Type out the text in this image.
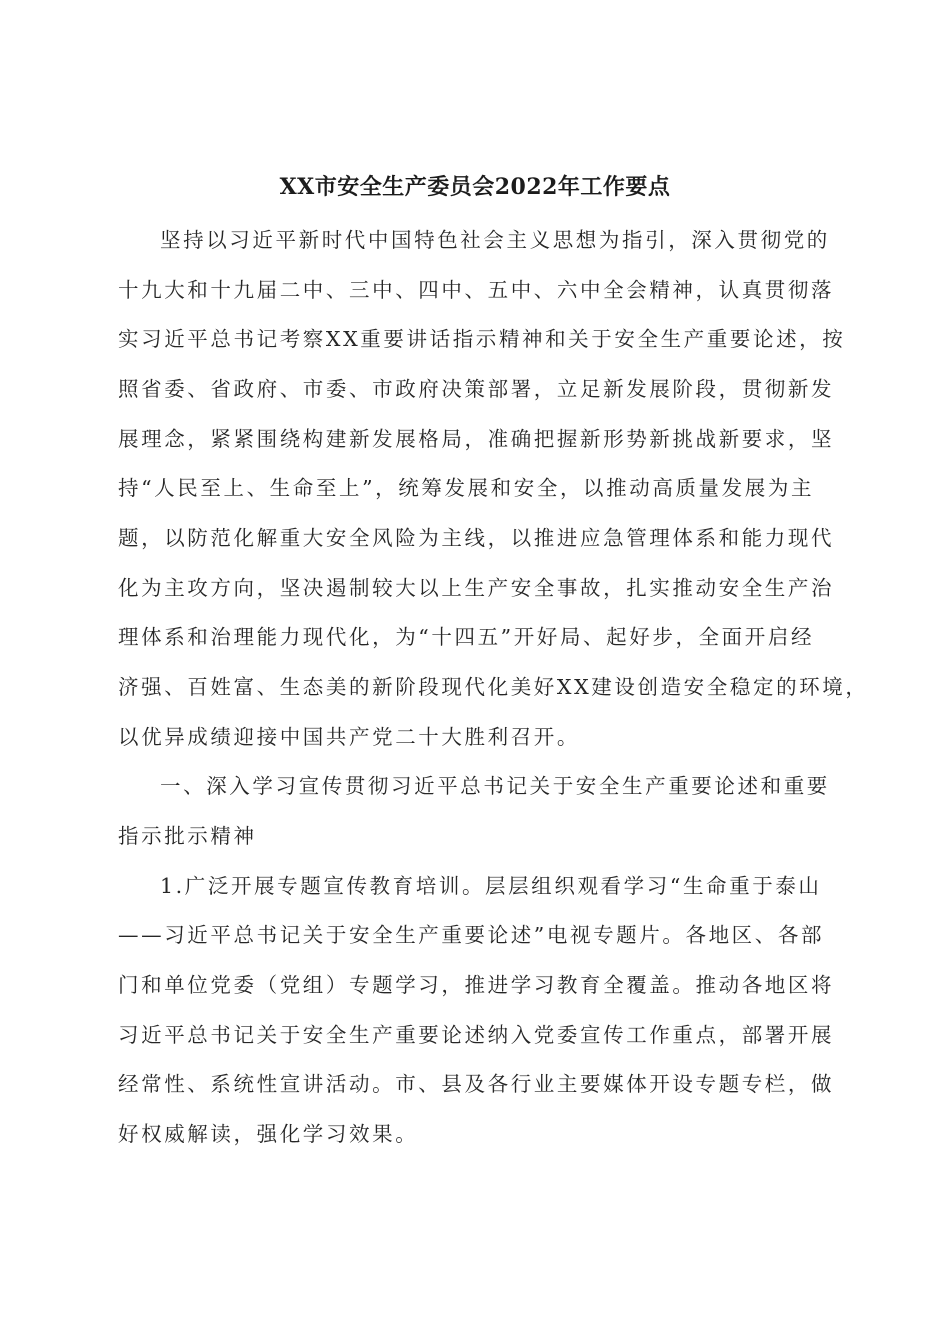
XX市安全生产委员会2022年工作要点
坚持以习近平新时代中国特色社会主义思想为指引，深入贯彻党的
十九大和十九届二中、三中、四中、五中、六中全会精神，认真贯彻落
实习近平总书记考察XX重要讲话指示精神和关于安全生产重要论述，按
照省委、省政府、市委、市政府决策部署，立足新发展阶段，贯彻新发
展理念，紧紧围绕构建新发展格局，准确把握新形势新挑战新要求，坚
持“人民至上、生命至上”，统筹发展和安全，以推动高质量发展为主
题，以防范化解重大安全风险为主线，以推进应急管理体系和能力现代
化为主攻方向，坚决遏制较大以上生产安全事故，扎实推动安全生产治
理体系和治理能力现代化，为“十四五”开好局、起好步，全面开启经
济强、百姓富、生态美的新阶段现代化美好XX建设创造安全稳定的环境，
以优异成绩迎接中国共产党二十大胜利召开。
一、深入学习宣传贯彻习近平总书记关于安全生产重要论述和重要
指示批示精神
1.广泛开展专题宣传教育培训。层层组织观看学习“生命重于泰山
——习近平总书记关于安全生产重要论述”电视专题片。各地区、各部
门和单位党委（党组）专题学习，推进学习教育全覆盖。推动各地区将
习近平总书记关于安全生产重要论述纳入党委宣传工作重点，部署开展
经常性、系统性宣讲活动。市、县及各行业主要媒体开设专题专栏，做
好权威解读，强化学习效果。
